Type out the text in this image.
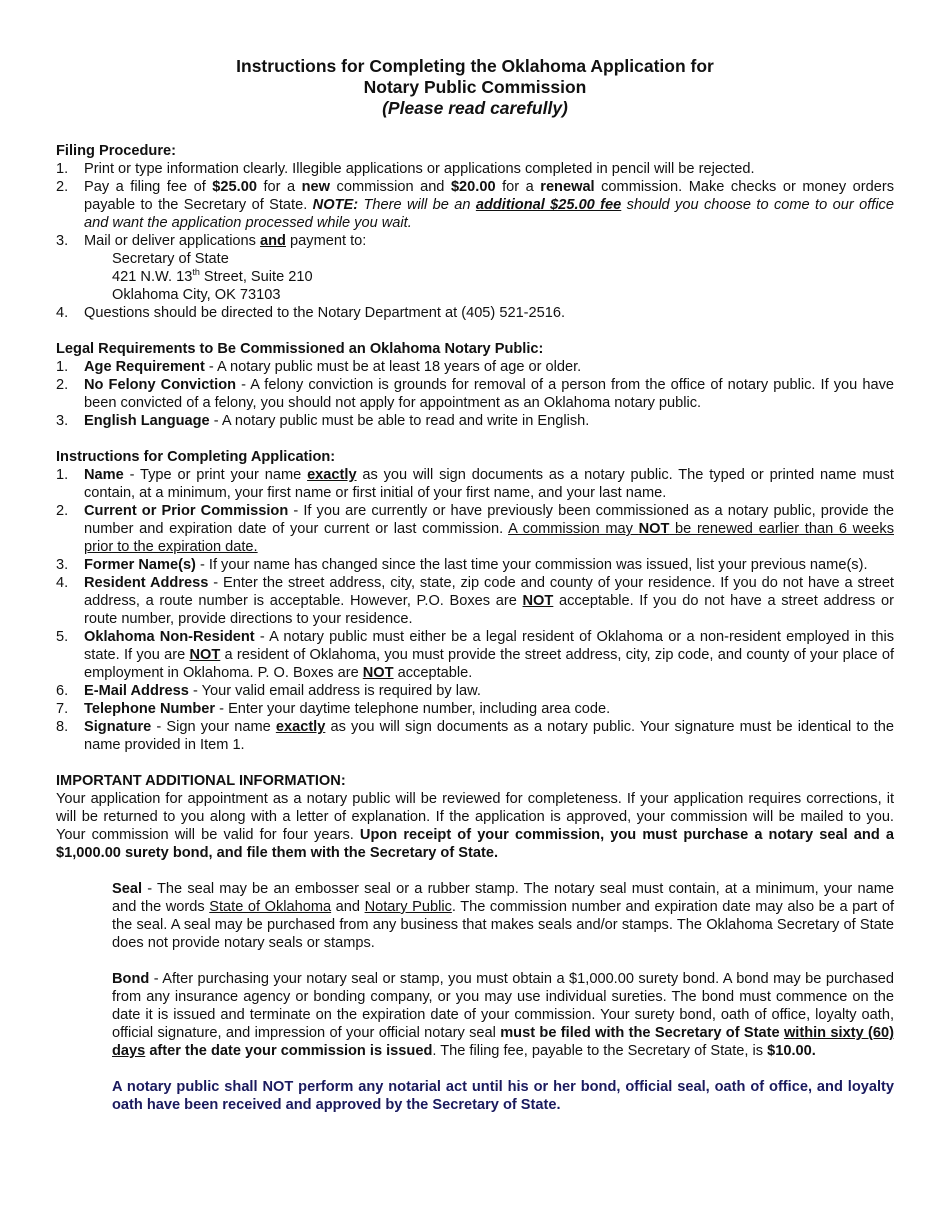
Instructions for Completing the Oklahoma Application for
Notary Public Commission
(Please read carefully)
Filing Procedure:
1. Print or type information clearly. Illegible applications or applications completed in pencil will be rejected.
2. Pay a filing fee of $25.00 for a new commission and $20.00 for a renewal commission. Make checks or money orders payable to the Secretary of State. NOTE: There will be an additional $25.00 fee should you choose to come to our office and want the application processed while you wait.
3. Mail or deliver applications and payment to:
Secretary of State
421 N.W. 13th Street, Suite 210
Oklahoma City, OK 73103
4. Questions should be directed to the Notary Department at (405) 521-2516.
Legal Requirements to Be Commissioned an Oklahoma Notary Public:
1. Age Requirement - A notary public must be at least 18 years of age or older.
2. No Felony Conviction - A felony conviction is grounds for removal of a person from the office of notary public. If you have been convicted of a felony, you should not apply for appointment as an Oklahoma notary public.
3. English Language - A notary public must be able to read and write in English.
Instructions for Completing Application:
1. Name - Type or print your name exactly as you will sign documents as a notary public. The typed or printed name must contain, at a minimum, your first name or first initial of your first name, and your last name.
2. Current or Prior Commission - If you are currently or have previously been commissioned as a notary public, provide the number and expiration date of your current or last commission. A commission may NOT be renewed earlier than 6 weeks prior to the expiration date.
3. Former Name(s) - If your name has changed since the last time your commission was issued, list your previous name(s).
4. Resident Address - Enter the street address, city, state, zip code and county of your residence. If you do not have a street address, a route number is acceptable. However, P.O. Boxes are NOT acceptable. If you do not have a street address or route number, provide directions to your residence.
5. Oklahoma Non-Resident - A notary public must either be a legal resident of Oklahoma or a non-resident employed in this state. If you are NOT a resident of Oklahoma, you must provide the street address, city, zip code, and county of your place of employment in Oklahoma. P. O. Boxes are NOT acceptable.
6. E-Mail Address - Your valid email address is required by law.
7. Telephone Number - Enter your daytime telephone number, including area code.
8. Signature - Sign your name exactly as you will sign documents as a notary public. Your signature must be identical to the name provided in Item 1.
IMPORTANT ADDITIONAL INFORMATION:

Your application for appointment as a notary public will be reviewed for completeness. If your application requires corrections, it will be returned to you along with a letter of explanation. If the application is approved, your commission will be mailed to you. Your commission will be valid for four years. Upon receipt of your commission, you must purchase a notary seal and a $1,000.00 surety bond, and file them with the Secretary of State.

Seal - The seal may be an embosser seal or a rubber stamp. The notary seal must contain, at a minimum, your name and the words State of Oklahoma and Notary Public. The commission number and expiration date may also be a part of the seal. A seal may be purchased from any business that makes seals and/or stamps. The Oklahoma Secretary of State does not provide notary seals or stamps.
Bond - After purchasing your notary seal or stamp, you must obtain a $1,000.00 surety bond. A bond may be purchased from any insurance agency or bonding company, or you may use individual sureties. The bond must commence on the date it is issued and terminate on the expiration date of your commission. Your surety bond, oath of office, loyalty oath, official signature, and impression of your official notary seal must be filed with the Secretary of State within sixty (60) days after the date your commission is issued. The filing fee, payable to the Secretary of State, is $10.00.
A notary public shall NOT perform any notarial act until his or her bond, official seal, oath of office, and loyalty oath have been received and approved by the Secretary of State.
